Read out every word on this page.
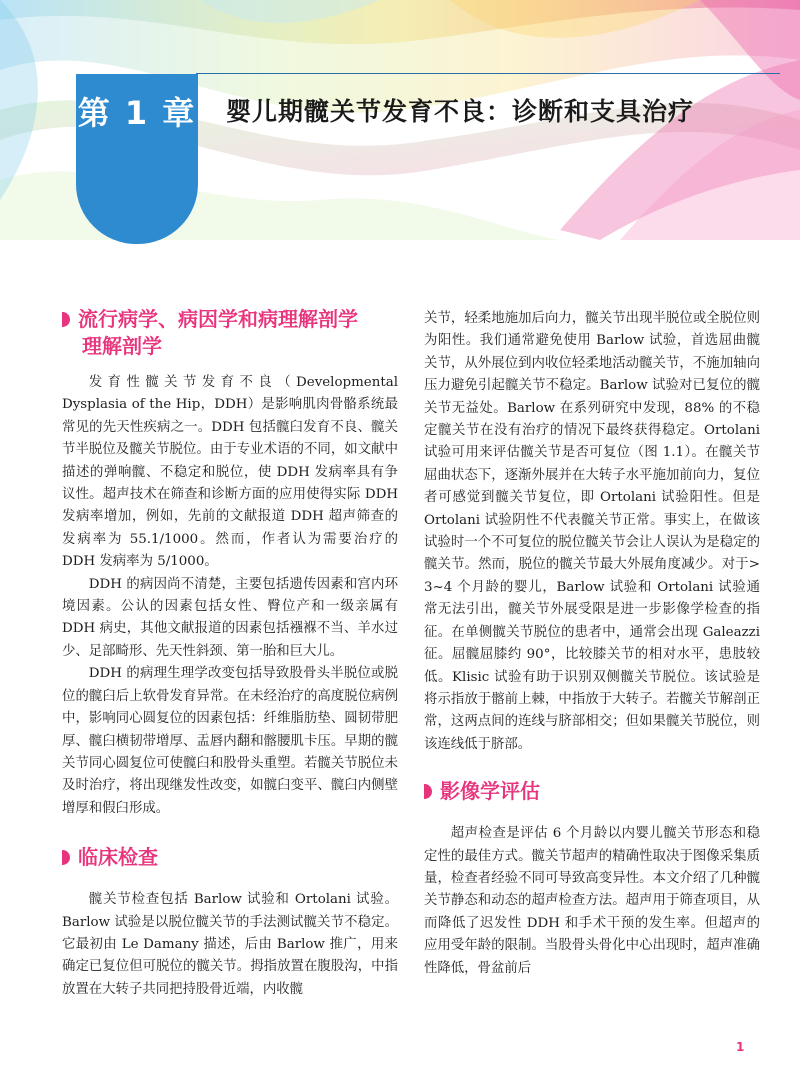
第 1 章 婴儿期髋关节发育不良：诊断和支具治疗
流行病学、病因学和病理解剖学
理解剖学

发育性髋关节发育不良（Developmental Dysplasia of the Hip，DDH）是影响肌肉骨骼系统最常见的先天性疾病之一。DDH 包括髋臼发育不良、髋关节半脱位及髋关节脱位。由于专业术语的不同，如文献中描述的弹响髋、不稳定和脱位，使 DDH 发病率具有争议性。超声技术在筛查和诊断方面的应用使得实际 DDH 发病率增加，例如，先前的文献报道 DDH 超声筛查的发病率为 55.1/1000。然而，作者认为需要治疗的 DDH 发病率为 5/1000。

DDH 的病因尚不清楚，主要包括遗传因素和宫内环境因素。公认的因素包括女性、臀位产和一级亲属有 DDH 病史，其他文献报道的因素包括襁褓不当、羊水过少、足部畸形、先天性斜颈、第一胎和巨大儿。

DDH 的病理生理学改变包括导致股骨头半脱位或脱位的髋臼后上软骨发育异常。在未经治疗的高度脱位病例中，影响同心圆复位的因素包括：纤维脂肪垫、圆韧带肥厚、髋臼横韧带增厚、盂唇内翻和髂腰肌卡压。早期的髋关节同心圆复位可使髋臼和股骨头重塑。若髋关节脱位未及时治疗，将出现继发性改变，如髋臼变平、髋臼内侧壁增厚和假臼形成。

临床检查

髋关节检查包括 Barlow 试验和 Ortolani 试验。Barlow 试验是以脱位髋关节的手法测试髋关节不稳定。它最初由 Le Damany 描述，后由 Barlow 推广，用来确定已复位但可脱位的髋关节。拇指放置在腹股沟，中指放置在大转子共同把持股骨近端，内收髋

关节，轻柔地施加后向力，髋关节出现半脱位或全脱位则为阳性。我们通常避免使用 Barlow 试验，首选屈曲髋关节，从外展位到内收位轻柔地活动髋关节，不施加轴向压力避免引起髋关节不稳定。Barlow 试验对已复位的髋关节无益处。Barlow 在系列研究中发现，88% 的不稳定髋关节在没有治疗的情况下最终获得稳定。Ortolani 试验可用来评估髋关节是否可复位（图 1.1）。在髋关节屈曲状态下，逐渐外展并在大转子水平施加前向力，复位者可感觉到髋关节复位，即 Ortolani 试验阳性。但是 Ortolani 试验阴性不代表髋关节正常。事实上，在做该试验时一个不可复位的脱位髋关节会让人误认为是稳定的髋关节。然而，脱位的髋关节最大外展角度减少。对于> 3~4 个月龄的婴儿，Barlow 试验和 Ortolani 试验通常无法引出，髋关节外展受限是进一步影像学检查的指征。在单侧髋关节脱位的患者中，通常会出现 Galeazzi 征。屈髋屈膝约 90°，比较膝关节的相对水平，患肢较低。Klisic 试验有助于识别双侧髋关节脱位。该试验是将示指放于髂前上棘，中指放于大转子。若髋关节解剖正常，这两点间的连线与脐部相交；但如果髋关节脱位，则该连线低于脐部。

影像学评估

超声检查是评估 6 个月龄以内婴儿髋关节形态和稳定性的最佳方式。髋关节超声的精确性取决于图像采集质量，检查者经验不同可导致高变异性。本文介绍了几种髋关节静态和动态的超声检查方法。超声用于筛查项目，从而降低了迟发性 DDH 和手术干预的发生率。但超声的应用受年龄的限制。当股骨头骨化中心出现时，超声准确性降低，骨盆前后

1
